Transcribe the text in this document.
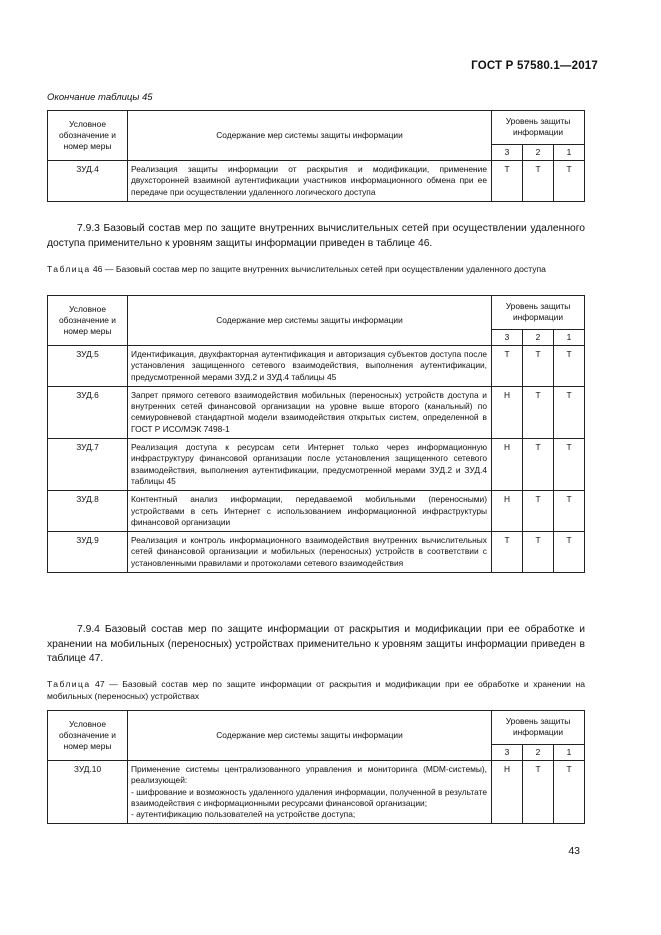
ГОСТ Р 57580.1—2017
Окончание таблицы 45
Условное обозначение и номер меры	Содержание мер системы защиты информации	Уровень защиты информации		
		3	2	1
ЗУД.4	Реализация защиты информации от раскрытия и модификации, применение двухсторонней взаимной аутентификации участников информационного обмена при ее передаче при осуществлении удаленного логического доступа	Т	Т	Т

7.9.3 Базовый состав мер по защите внутренних вычислительных сетей при осуществлении удаленного доступа применительно к уровням защиты информации приведен в таблице 46.

Таблица 46 — Базовый состав мер по защите внутренних вычислительных сетей при осуществлении удаленного доступа
Условное обозначение и номер меры	Содержание мер системы защиты информации	Уровень защиты информации		
		3	2	1
ЗУД.5	Идентификация, двухфакторная аутентификация и авторизация субъектов доступа после установления защищенного сетевого взаимодействия, выполнения аутентификации, предусмотренной мерами ЗУД.2 и ЗУД.4 таблицы 45	Т	Т	Т
ЗУД.6	Запрет прямого сетевого взаимодействия мобильных (переносных) устройств доступа и внутренних сетей финансовой организации на уровне выше второго (канальный) по семиуровневой стандартной модели взаимодействия открытых систем, определенной в ГОСТ Р ИСО/МЭК 7498-1	Н	Т	Т
ЗУД.7	Реализация доступа к ресурсам сети Интернет только через информационную инфраструктуру финансовой организации после установления защищенного сетевого взаимодействия, выполнения аутентификации, предусмотренной мерами ЗУД.2 и ЗУД.4 таблицы 45	Н	Т	Т
ЗУД.8	Контентный анализ информации, передаваемой мобильными (переносными) устройствами в сеть Интернет с использованием информационной инфраструктуры финансовой организации	Н	Т	Т
ЗУД.9	Реализация и контроль информационного взаимодействия внутренних вычислительных сетей финансовой организации и мобильных (переносных) устройств в соответствии с установленными правилами и протоколами сетевого взаимодействия	Т	Т	Т

7.9.4 Базовый состав мер по защите информации от раскрытия и модификации при ее обработке и хранении на мобильных (переносных) устройствах применительно к уровням защиты информации приведен в таблице 47.

Таблица 47 — Базовый состав мер по защите информации от раскрытия и модификации при ее обработке и хранении на мобильных (переносных) устройствах
Условное обозначение и номер меры	Содержание мер системы защиты информации	Уровень защиты информации		
		3	2	1
ЗУД.10	Применение системы централизованного управления и мониторинга (MDM-системы), реализующей:
- шифрование и возможность удаленного удаления информации, полученной в результате взаимодействия с информационными ресурсами финансовой организации;
- аутентификацию пользователей на устройстве доступа;	Н	Т	Т
43
